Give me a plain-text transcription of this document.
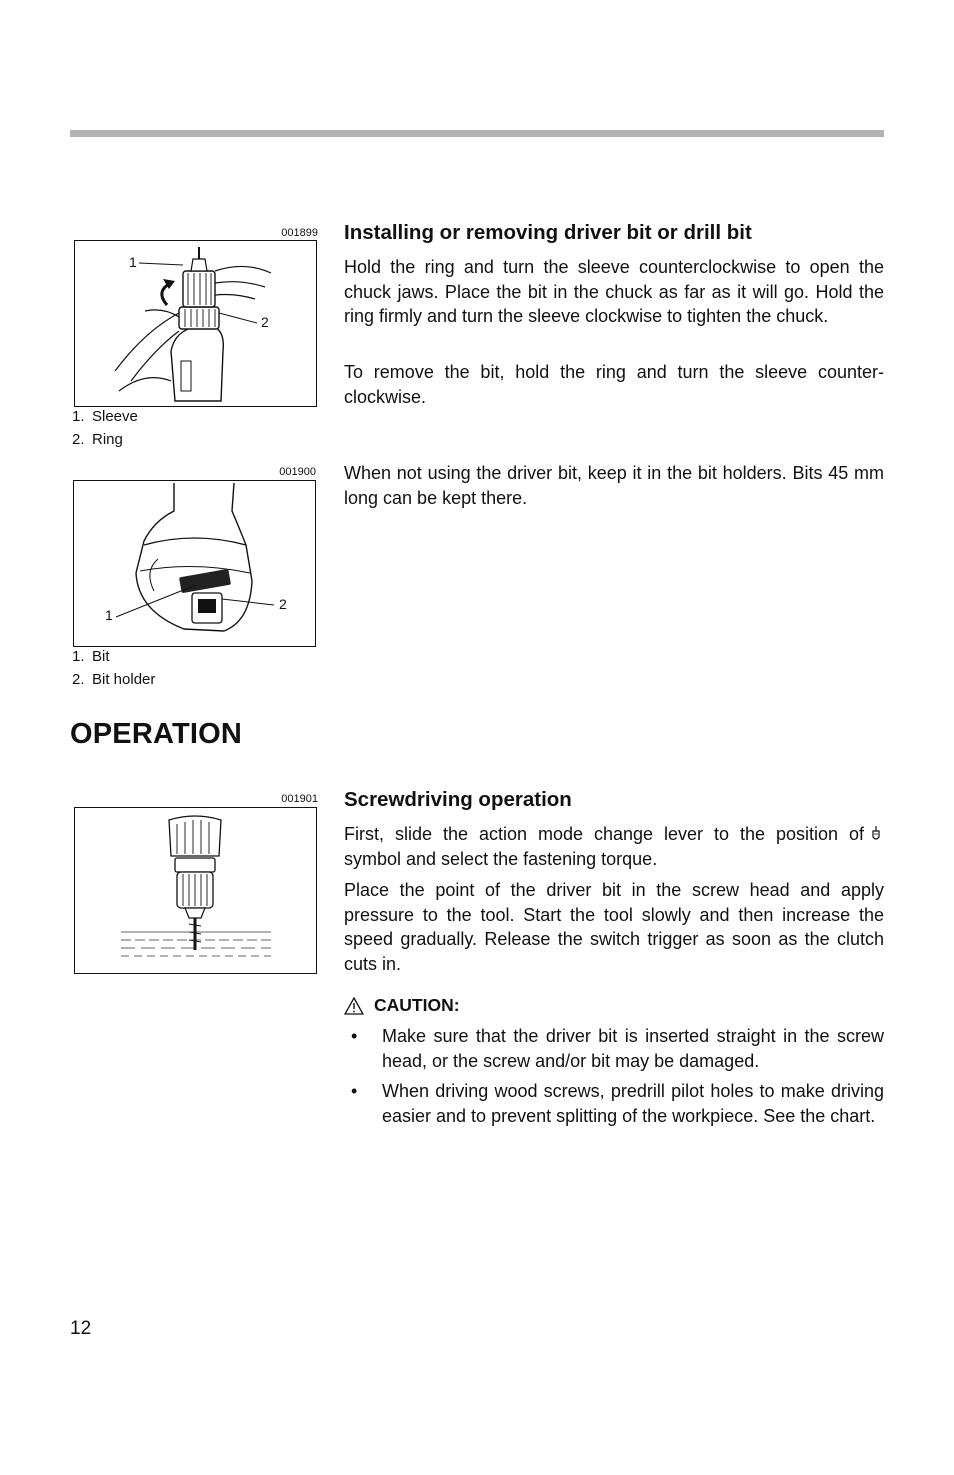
001899
1
2
1. Sleeve
2. Ring
Installing or removing driver bit or drill bit

Hold the ring and turn the sleeve counterclockwise to open the chuck jaws. Place the bit in the chuck as far as it will go. Hold the ring firmly and turn the sleeve clockwise to tighten the chuck.

To remove the bit, hold the ring and turn the sleeve counter-clockwise.

001900
1
2
1. Bit
2. Bit holder

When not using the driver bit, keep it in the bit holders. Bits 45 mm long can be kept there.

OPERATION
001901 Screwdriving operation

First, slide the action mode change lever to the position of symbol and select the fastening torque.

Place the point of the driver bit in the screw head and apply pressure to the tool. Start the tool slowly and then increase the speed gradually. Release the switch trigger as soon as the clutch cuts in.

CAUTION:
•	Make sure that the driver bit is inserted straight in the screw head, or the screw and/or bit may be damaged.
•	When driving wood screws, predrill pilot holes to make driving easier and to prevent splitting of the workpiece. See the chart.
12
